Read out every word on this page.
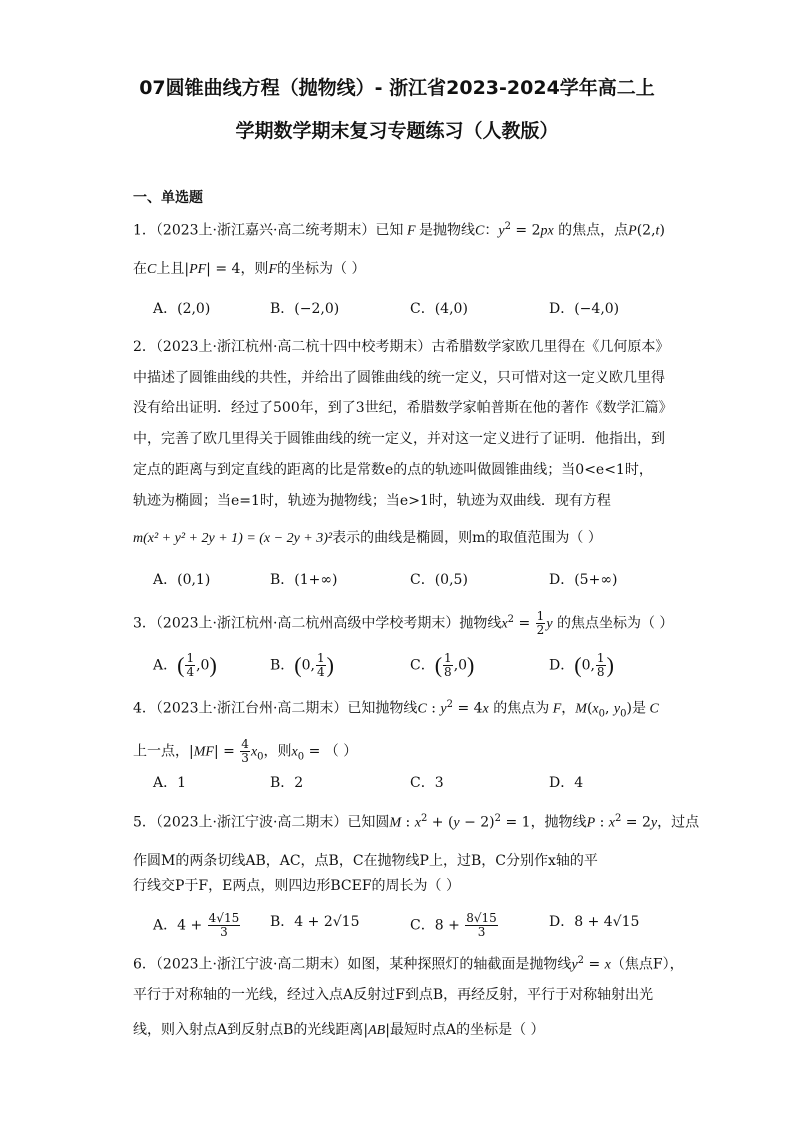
07圆锥曲线方程（抛物线）- 浙江省2023-2024学年高二上
学期数学期末复习专题练习（人教版）
一、单选题
1．（2023上·浙江嘉兴·高二统考期末）已知 F 是抛物线C：$y^2 = 2px$ 的焦点，点P(2,t)
在C上且|PF| = 4，则F的坐标为（ ）
A．(2,0)	B．(−2,0)	C．(4,0)	D．(−4,0)
2．（2023上·浙江杭州·高二杭十四中校考期末）古希腊数学家欧几里得在《几何原本》
中描述了圆锥曲线的共性，并给出了圆锥曲线的统一定义，只可惜对这一定义欧几里得
没有给出证明．经过了500年，到了3世纪，希腊数学家帕普斯在他的著作《数学汇篇》
中，完善了欧几里得关于圆锥曲线的统一定义，并对这一定义进行了证明．他指出，到
定点的距离与到定直线的距离的比是常数e的点的轨迹叫做圆锥曲线；当0<e<1时，
轨迹为椭圆；当e=1时，轨迹为抛物线；当e>1时，轨迹为双曲线．现有方程
m(x² + y² + 2y + 1) = (x − 2y + 3)²表示的曲线是椭圆，则m的取值范围为（ ）
A．(0,1)	B．(1+∞)	C．(0,5)	D．(5+∞)
3．（2023上·浙江杭州·高二杭州高级中学校考期末）抛物线$x^2 = \frac{1}{2}$ y 的焦点坐标为（ ）
A．( $\frac{1}{4} ,0$)	B．(0, $\frac{1}{4}$ )	C．( $\frac{1}{8} ,0$)	D．(0, $\frac{1}{8}$ )
4．（2023上·浙江台州·高二期末）已知抛物线C : $y^2 = 4x$ 的焦点为 F，$M(x_0$, $y_0$)是 C
上一点，$|MF| = \frac{4}{3} x_0$，则$x_0$ = （ ）
A．1	B．2	C．3	D．4
5．（2023上·浙江宁波·高二期末）已知圆M : $x^2 + (y - 2)^2 = 1$，抛物线P : $x^2 = 2y$，过点
作圆M的两条切线AB，AC，点B，C在抛物线P上，过B，C分别作x轴的平
行线交P于F，E两点，则四边形BCEF的周长为（ ）
A．$4 + \frac{4√15}{3}$ B．4 + 2√15	C．$8 + \frac{8√15}{3}$	D．8 + 4√15
6．（2023上·浙江宁波·高二期末）如图，某种探照灯的轴截面是抛物线$y^2 = x$（焦点F），
平行于对称轴的一光线，经过入点A反射过F到点B，再经反射，平行于对称轴射出光
线，则入射点A到反射点B的光线距离|AB|最短时点A的坐标是（ ）
